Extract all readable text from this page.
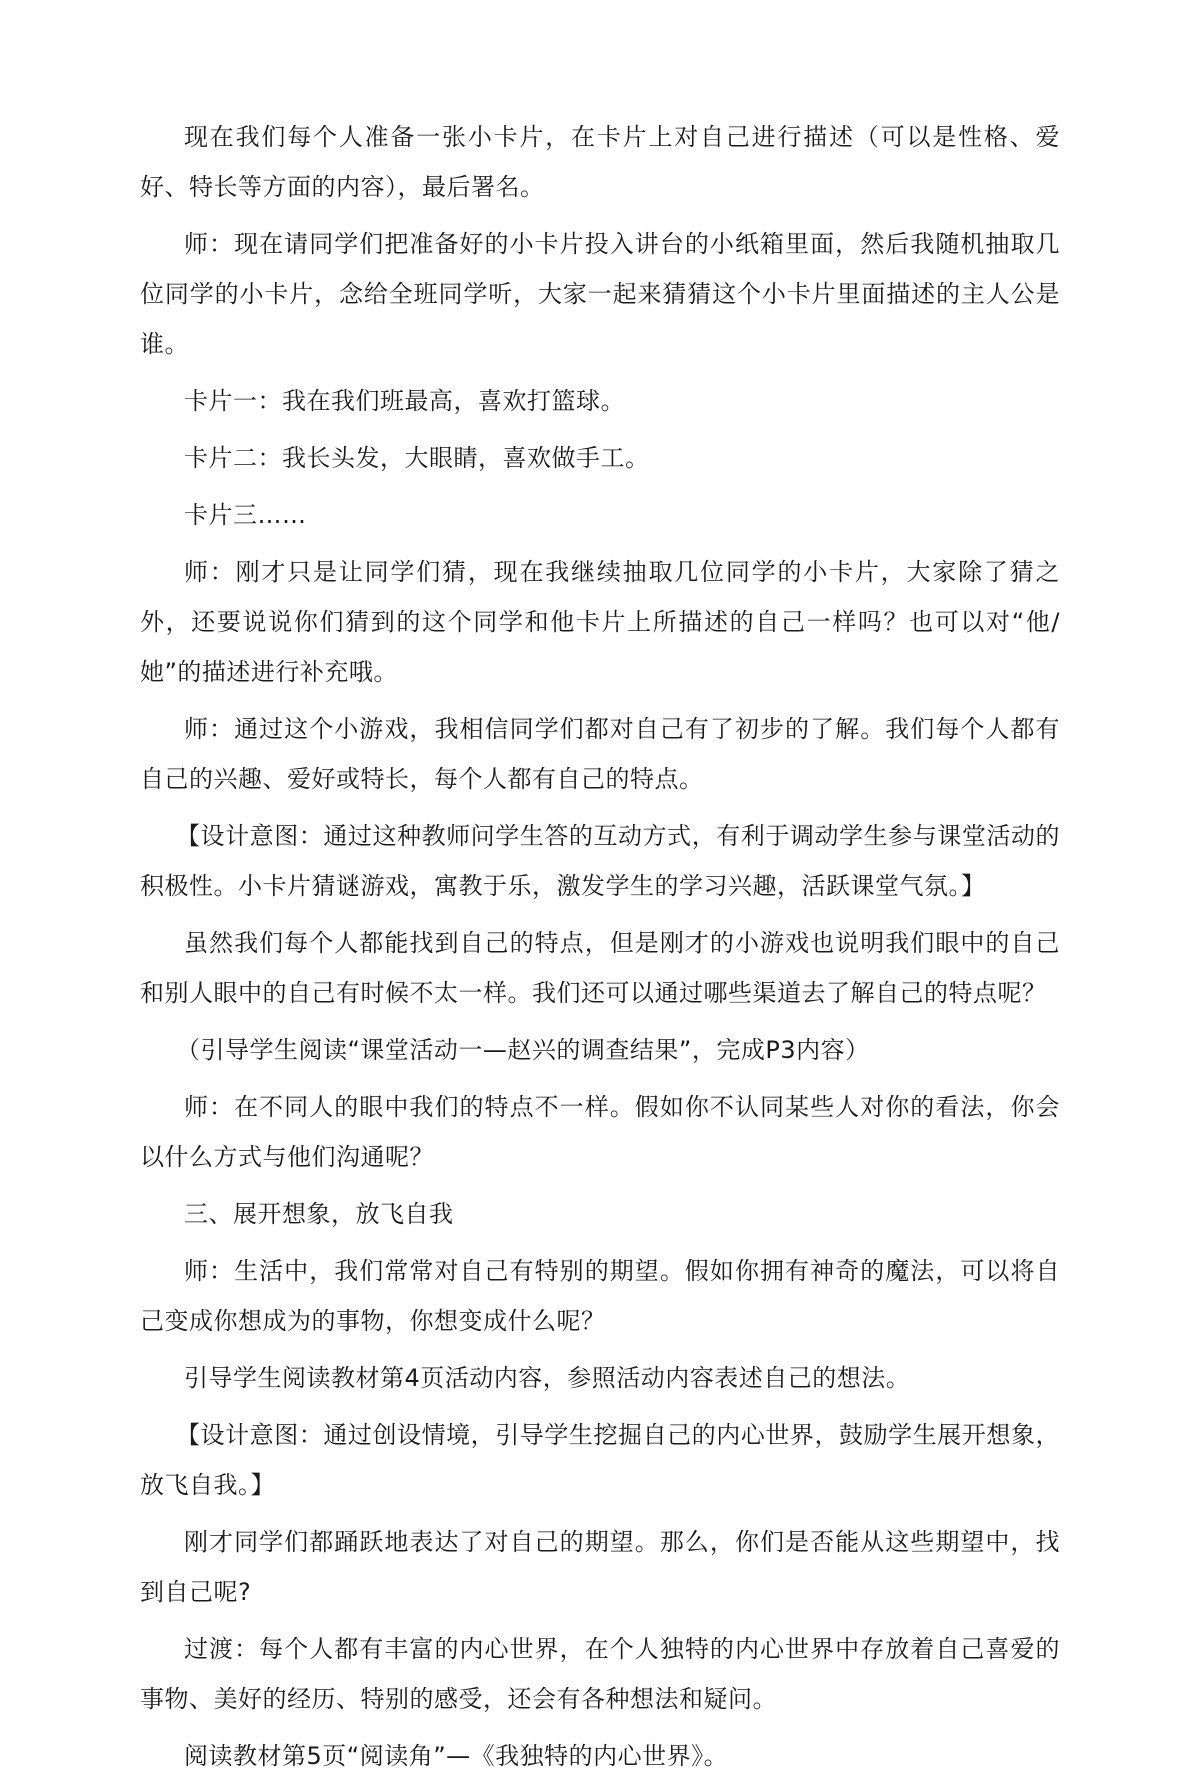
现在我们每个人准备一张小卡片，在卡片上对自己进行描述（可以是性格、爱好、特长等方面的内容），最后署名。

师：现在请同学们把准备好的小卡片投入讲台的小纸箱里面，然后我随机抽取几位同学的小卡片，念给全班同学听，大家一起来猜猜这个小卡片里面描述的主人公是谁。

卡片一：我在我们班最高，喜欢打篮球。

卡片二：我长头发，大眼睛，喜欢做手工。

卡片三……

师：刚才只是让同学们猜，现在我继续抽取几位同学的小卡片，大家除了猜之外，还要说说你们猜到的这个同学和他卡片上所描述的自己一样吗？也可以对“他/她”的描述进行补充哦。

师：通过这个小游戏，我相信同学们都对自己有了初步的了解。我们每个人都有自己的兴趣、爱好或特长，每个人都有自己的特点。

【设计意图：通过这种教师问学生答的互动方式，有利于调动学生参与课堂活动的积极性。小卡片猜谜游戏，寓教于乐，激发学生的学习兴趣，活跃课堂气氛。】

虽然我们每个人都能找到自己的特点，但是刚才的小游戏也说明我们眼中的自己和别人眼中的自己有时候不太一样。我们还可以通过哪些渠道去了解自己的特点呢？

（引导学生阅读“课堂活动一—赵兴的调查结果”，完成P3内容）

师：在不同人的眼中我们的特点不一样。假如你不认同某些人对你的看法，你会以什么方式与他们沟通呢？

三、展开想象，放飞自我

师：生活中，我们常常对自己有特别的期望。假如你拥有神奇的魔法，可以将自己变成你想成为的事物，你想变成什么呢？

引导学生阅读教材第4页活动内容，参照活动内容表述自己的想法。

【设计意图：通过创设情境，引导学生挖掘自己的内心世界，鼓励学生展开想象，放飞自我。】

刚才同学们都踊跃地表达了对自己的期望。那么，你们是否能从这些期望中，找到自己呢?

过渡：每个人都有丰富的内心世界，在个人独特的内心世界中存放着自己喜爱的事物、美好的经历、特别的感受，还会有各种想法和疑问。

阅读教材第5页“阅读角”—《我独特的内心世界》。
